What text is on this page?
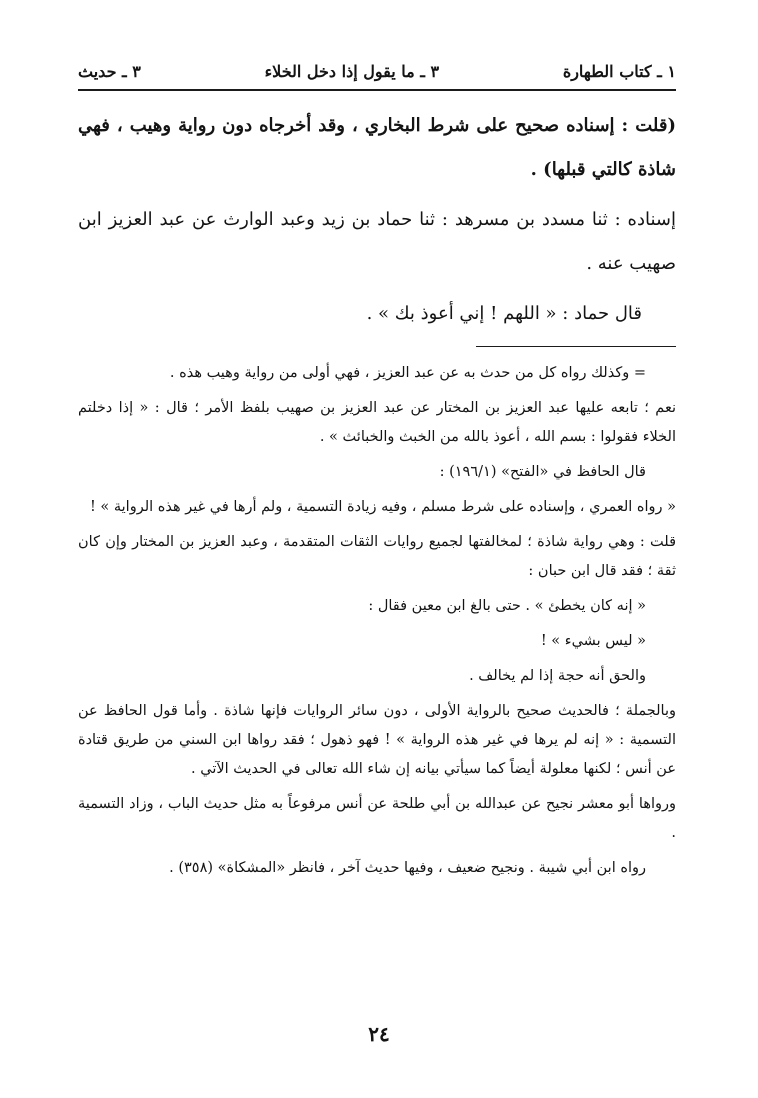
١ ـ كتاب الطهارة
٣ ـ ما يقول إذا دخل الخلاء
٣ ـ حديث

(قلت : إسناده صحيح على شرط البخاري ، وقد أخرجاه دون رواية وهيب ، فهي شاذة كالتي قبلها) .

إسناده : ثنا مسدد بن مسرهد : ثنا حماد بن زيد وعبد الوارث عن عبد العزيز ابن صهيب عنه .

قال حماد : « اللهم ! إني أعوذ بك » .

= وكذلك رواه كل من حدث به عن عبد العزيز ، فهي أولى من رواية وهيب هذه .

نعم ؛ تابعه عليها عبد العزيز بن المختار عن عبد العزيز بن صهيب بلفظ الأمر ؛ قال : « إذا دخلتم الخلاء فقولوا : بسم الله ، أعوذ بالله من الخبث والخبائث » .

قال الحافظ في «الفتح» (١٩٦/١) :

« رواه العمري ، وإسناده على شرط مسلم ، وفيه زيادة التسمية ، ولم أرها في غير هذه الرواية » !

قلت : وهي رواية شاذة ؛ لمخالفتها لجميع روايات الثقات المتقدمة ، وعبد العزيز بن المختار وإن كان ثقة ؛ فقد قال ابن حبان :

« إنه كان يخطئ » . حتى بالغ ابن معين فقال :

« ليس بشيء » !

والحق أنه حجة إذا لم يخالف .

وبالجملة ؛ فالحديث صحيح بالرواية الأولى ، دون سائر الروايات فإنها شاذة . وأما قول الحافظ عن التسمية : « إنه لم يرها في غير هذه الرواية » ! فهو ذهول ؛ فقد رواها ابن السني من طريق قتادة عن أنس ؛ لكنها معلولة أيضاً كما سيأتي بيانه إن شاء الله تعالى في الحديث الآتي .

ورواها أبو معشر نجيح عن عبدالله بن أبي طلحة عن أنس مرفوعاً به مثل حديث الباب ، وزاد التسمية .

رواه ابن أبي شيبة . ونجيح ضعيف ، وفيها حديث آخر ، فانظر «المشكاة» (٣٥٨) .

٢٤
